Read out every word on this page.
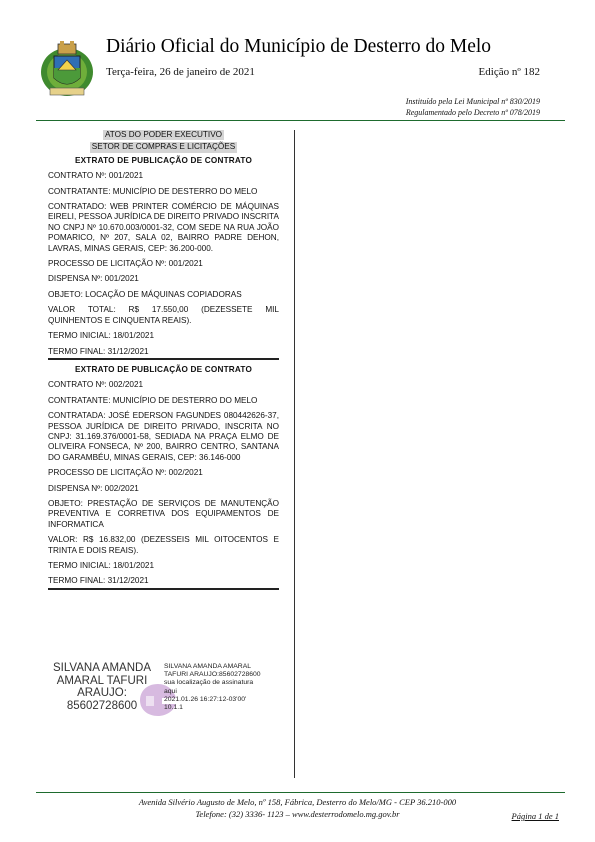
Diário Oficial do Município de Desterro do Melo
Terça-feira, 26 de janeiro de 2021	Edição nº 182
Instituído pela Lei Municipal nº 830/2019
Regulamentado pelo Decreto nº 078/2019
ATOS DO PODER EXECUTIVO
SETOR DE COMPRAS E LICITAÇÕES
EXTRATO DE PUBLICAÇÃO DE CONTRATO
CONTRATO Nº: 001/2021
CONTRATANTE: MUNICÍPIO DE DESTERRO DO MELO
CONTRATADO: WEB PRINTER COMÉRCIO DE MÁQUINAS EIRELI, PESSOA JURÍDICA DE DIREITO PRIVADO INSCRITA NO CNPJ Nº 10.670.003/0001-32, COM SEDE NA RUA JOÃO POMARICO, Nº 207, SALA 02, BAIRRO PADRE DEHON, LAVRAS, MINAS GERAIS, CEP: 36.200-000.
PROCESSO DE LICITAÇÃO Nº: 001/2021
DISPENSA Nº: 001/2021
OBJETO: LOCAÇÃO DE MÁQUINAS COPIADORAS
VALOR TOTAL: R$ 17.550,00 (DEZESSETE MIL QUINHENTOS E CINQUENTA REAIS).
TERMO INICIAL: 18/01/2021
TERMO FINAL: 31/12/2021
EXTRATO DE PUBLICAÇÃO DE CONTRATO
CONTRATO Nº: 002/2021
CONTRATANTE: MUNICÍPIO DE DESTERRO DO MELO
CONTRATADA: JOSÉ EDERSON FAGUNDES 080442626-37, PESSOA JURÍDICA DE DIREITO PRIVADO, INSCRITA NO CNPJ: 31.169.376/0001-58, SEDIADA NA PRAÇA ELMO DE OLIVEIRA FONSECA, Nº 200, BAIRRO CENTRO, SANTANA DO GARAMBÉU, MINAS GERAIS, CEP: 36.146-000
PROCESSO DE LICITAÇÃO Nº: 002/2021
DISPENSA Nº: 002/2021
OBJETO: PRESTAÇÃO DE SERVIÇOS DE MANUTENÇÃO PREVENTIVA E CORRETIVA DOS EQUIPAMENTOS DE INFORMATICA
VALOR: R$ 16.832,00 (DEZESSEIS MIL OITOCENTOS E TRINTA E DOIS REAIS).
TERMO INICIAL: 18/01/2021
TERMO FINAL: 31/12/2021
SILVANA AMANDA
AMARAL TAFURI
ARAUJO:
85602728600
SILVANA AMANDA AMARAL
TAFURI ARAUJO:85602728600
sua localização de assinatura
aqui
2021.01.26 16:27:12-03'00'
10.1.1
Avenida Silvério Augusto de Melo, nº 158, Fábrica, Desterro do Melo/MG - CEP 36.210-000
Telefone: (32) 3336- 1123 – www.desterrodomelo.mg.gov.br	Página 1 de 1
